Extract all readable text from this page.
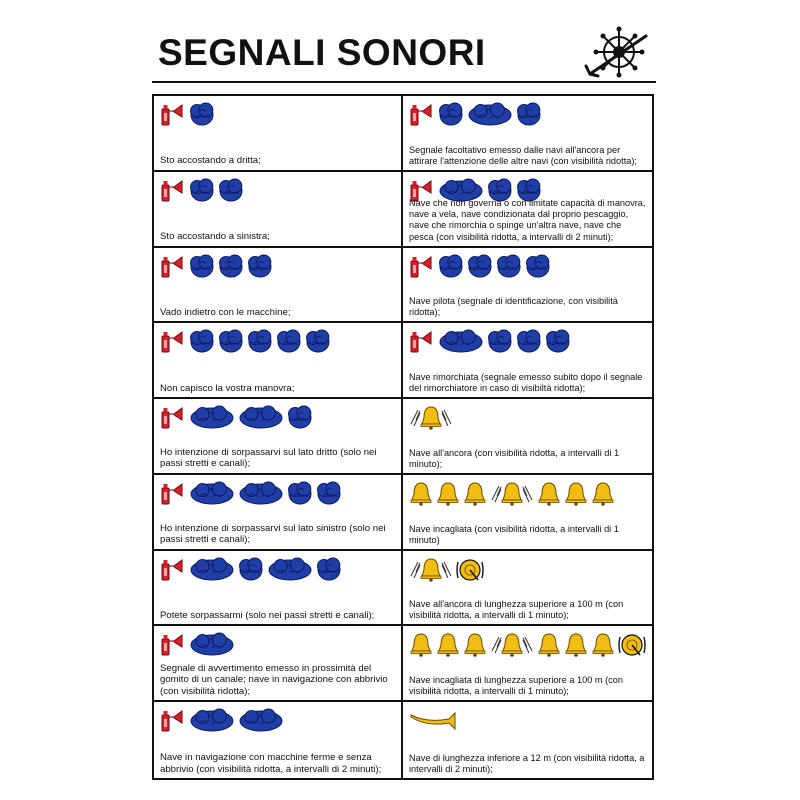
SEGNALI SONORI

Sto accostando a dritta;

Segnale facoltativo emesso dalle navi all'ancora per attirare l'attenzione delle altre navi (con visibilità ridotta);

Sto accostando a sinistra;

Nave che non governa o con limitate capacità di manovra, nave a vela, nave condizionata dal proprio pescaggio, nave che rimorchia o spinge un'altra nave, nave che pesca (con visibilità ridotta, a intervalli di 2 minuti);

Vado indietro con le macchine;

Nave pilota (segnale di identificazione, con visibilità ridotta);

Non capisco la vostra manovra;

Nave rimorchiata (segnale emesso subito dopo il segnale del rimorchiatore in caso di visibiltà ridotta);

Ho intenzione di sorpassarvi sul lato dritto (solo nei passi stretti e canali);

Nave all'ancora (con visibilità ridotta, a intervalli di 1 minuto);

Ho intenzione di sorpassarvi sul lato sinistro (solo nei passi stretti e canali);

Nave incagliata (con visibilità ridotta, a intervalli di 1 minuto)

Potete sorpassarmi (solo nei passi stretti e canali);

Nave all'ancora di lunghezza superiore a 100 m (con visibilità ridotta, a intervalli di 1 minuto);

Segnale di avvertimento emesso in prossimità del gomito di un canale; nave in navigazione con abbrivio (con visibilità ridotta);

Nave incagliata di lunghezza superiore a 100 m (con visibilità ridotta, a intervalli di 1 minuto);

Nave in navigazione con macchine ferme e senza abbrivio (con visibilità ridotta, a intervalli di 2 minuti);

Nave di lunghezza inferiore a 12 m (con visibilità ridotta, a intervalli di 2 minuti);
